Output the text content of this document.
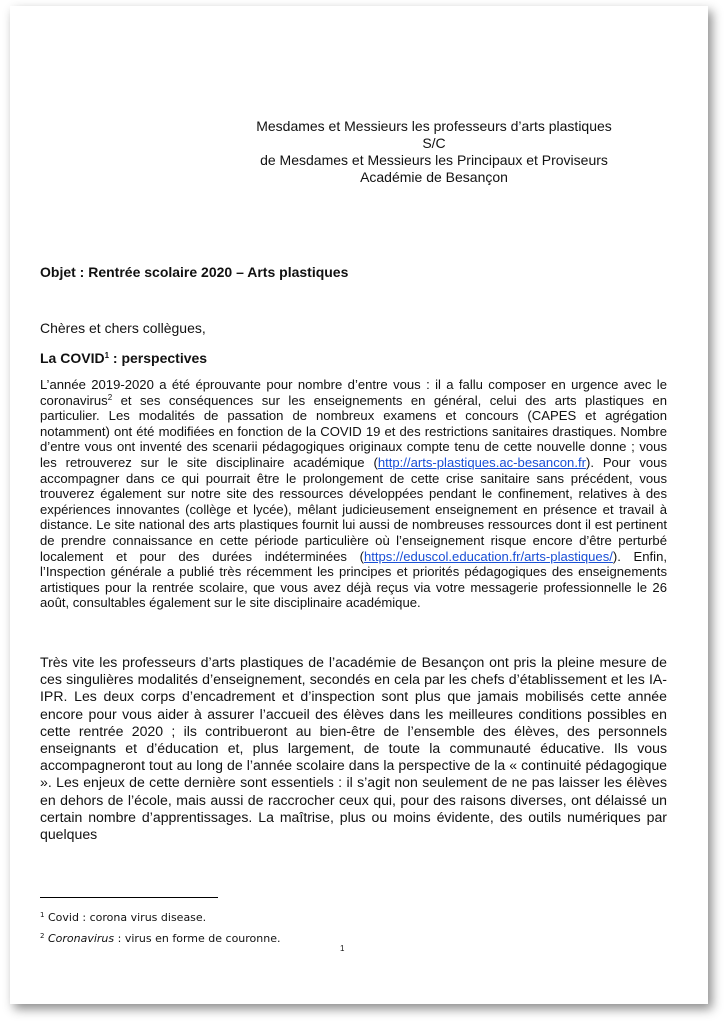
Mesdames et Messieurs les professeurs d’arts plastiques
S/C
de Mesdames et Messieurs les Principaux et Proviseurs
Académie de Besançon
Objet : Rentrée scolaire 2020 – Arts plastiques
Chères et chers collègues,
La COVID$^1$ : perspectives
L’année 2019-2020 a été éprouvante pour nombre d’entre vous : il a fallu composer en urgence avec le coronavirus$^2$ et ses conséquences sur les enseignements en général, celui des arts plastiques en particulier. Les modalités de passation de nombreux examens et concours (CAPES et agrégation notamment) ont été modifiées en fonction de la COVID 19 et des restrictions sanitaires drastiques. Nombre d’entre vous ont inventé des scenarii pédagogiques originaux compte tenu de cette nouvelle donne ; vous les retrouverez sur le site disciplinaire académique (http://arts-plastiques.ac-besancon.fr). Pour vous accompagner dans ce qui pourrait être le prolongement de cette crise sanitaire sans précédent, vous trouverez également sur notre site des ressources développées pendant le confinement, relatives à des expériences innovantes (collège et lycée), mêlant judicieusement enseignement en présence et travail à distance. Le site national des arts plastiques fournit lui aussi de nombreuses ressources dont il est pertinent de prendre connaissance en cette période particulière où l’enseignement risque encore d’être perturbé localement et pour des durées indéterminées (https://eduscol.education.fr/arts-plastiques/). Enfin, l’Inspection générale a publié très récemment les principes et priorités pédagogiques des enseignements artistiques pour la rentrée scolaire, que vous avez déjà reçus via votre messagerie professionnelle le 26 août, consultables également sur le site disciplinaire académique.
Très vite les professeurs d’arts plastiques de l’académie de Besançon ont pris la pleine mesure de ces singulières modalités d’enseignement, secondés en cela par les chefs d’établissement et les IA-IPR. Les deux corps d’encadrement et d’inspection sont plus que jamais mobilisés cette année encore pour vous aider à assurer l’accueil des élèves dans les meilleures conditions possibles en cette rentrée 2020 ; ils contribueront au bien-être de l’ensemble des élèves, des personnels enseignants et d’éducation et, plus largement, de toute la communauté éducative. Ils vous accompagneront tout au long de l’année scolaire dans la perspective de la « continuité pédagogique ». Les enjeux de cette dernière sont essentiels : il s’agit non seulement de ne pas laisser les élèves en dehors de l’école, mais aussi de raccrocher ceux qui, pour des raisons diverses, ont délaissé un certain nombre d’apprentissages. La maîtrise, plus ou moins évidente, des outils numériques par quelques
$^1$ Covid : corona virus disease.
$^2$ Coronavirus : virus en forme de couronne.
1
